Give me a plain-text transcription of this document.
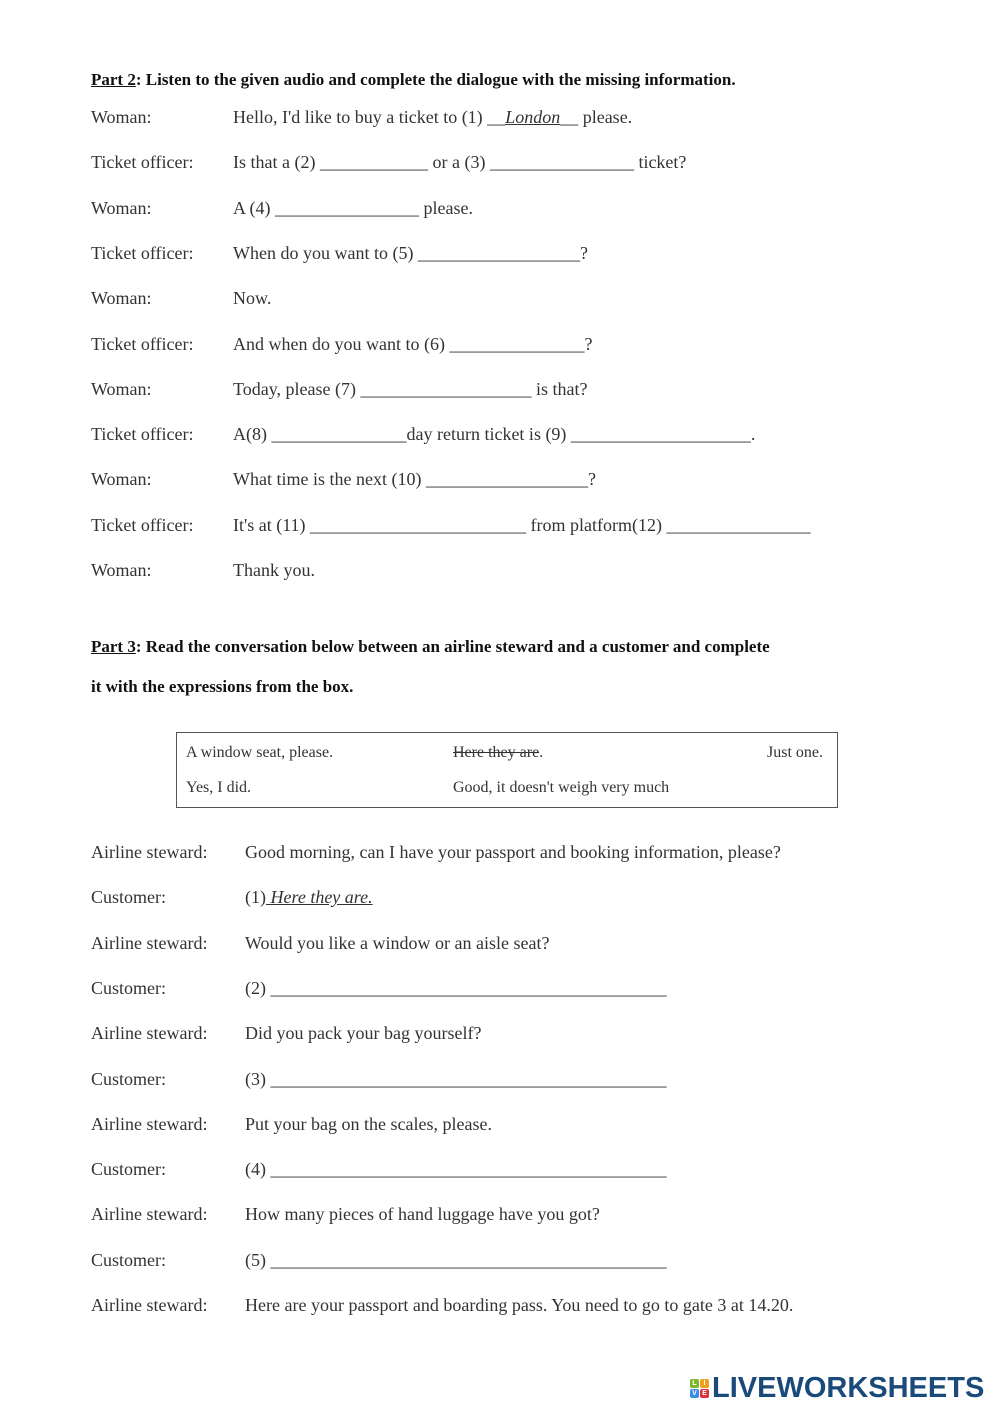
Part 2: Listen to the given audio and complete the dialogue with the missing information.
Woman:	Hello, I'd like to buy a ticket to (1) __London__ please.
Ticket officer:	Is that a (2) ____________ or a (3) ________________ ticket?
Woman:	A (4) ________________ please.
Ticket officer:	When do you want to (5) __________________?
Woman:	Now.
Ticket officer:	And when do you want to (6) _______________?
Woman:	Today, please (7) ___________________ is that?
Ticket officer:	A(8) _______________day return ticket is (9) ____________________.
Woman:	What time is the next (10) __________________?
Ticket officer:	It's at (11) ________________________ from platform(12) ________________
Woman:	Thank you.
Part 3: Read the conversation below between an airline steward and a customer and complete
it with the expressions from the box.
A window seat, please.	Here they are.	Just one.
Yes, I did.	Good, it doesn't weigh very much
Airline steward:	Good morning, can I have your passport and booking information, please?
Customer:	(1) Here they are.
Airline steward:	Would you like a window or an aisle seat?
Customer:	(2) ____________________________________________
Airline steward:	Did you pack your bag yourself?
Customer:	(3) ____________________________________________
Airline steward:	Put your bag on the scales, please.
Customer:	(4) ____________________________________________
Airline steward:	How many pieces of hand luggage have you got?
Customer:	(5) ____________________________________________
Airline steward:	Here are your passport and boarding pass. You need to go to gate 3 at 14.20.
L I
V E LIVEWORKSHEETS
